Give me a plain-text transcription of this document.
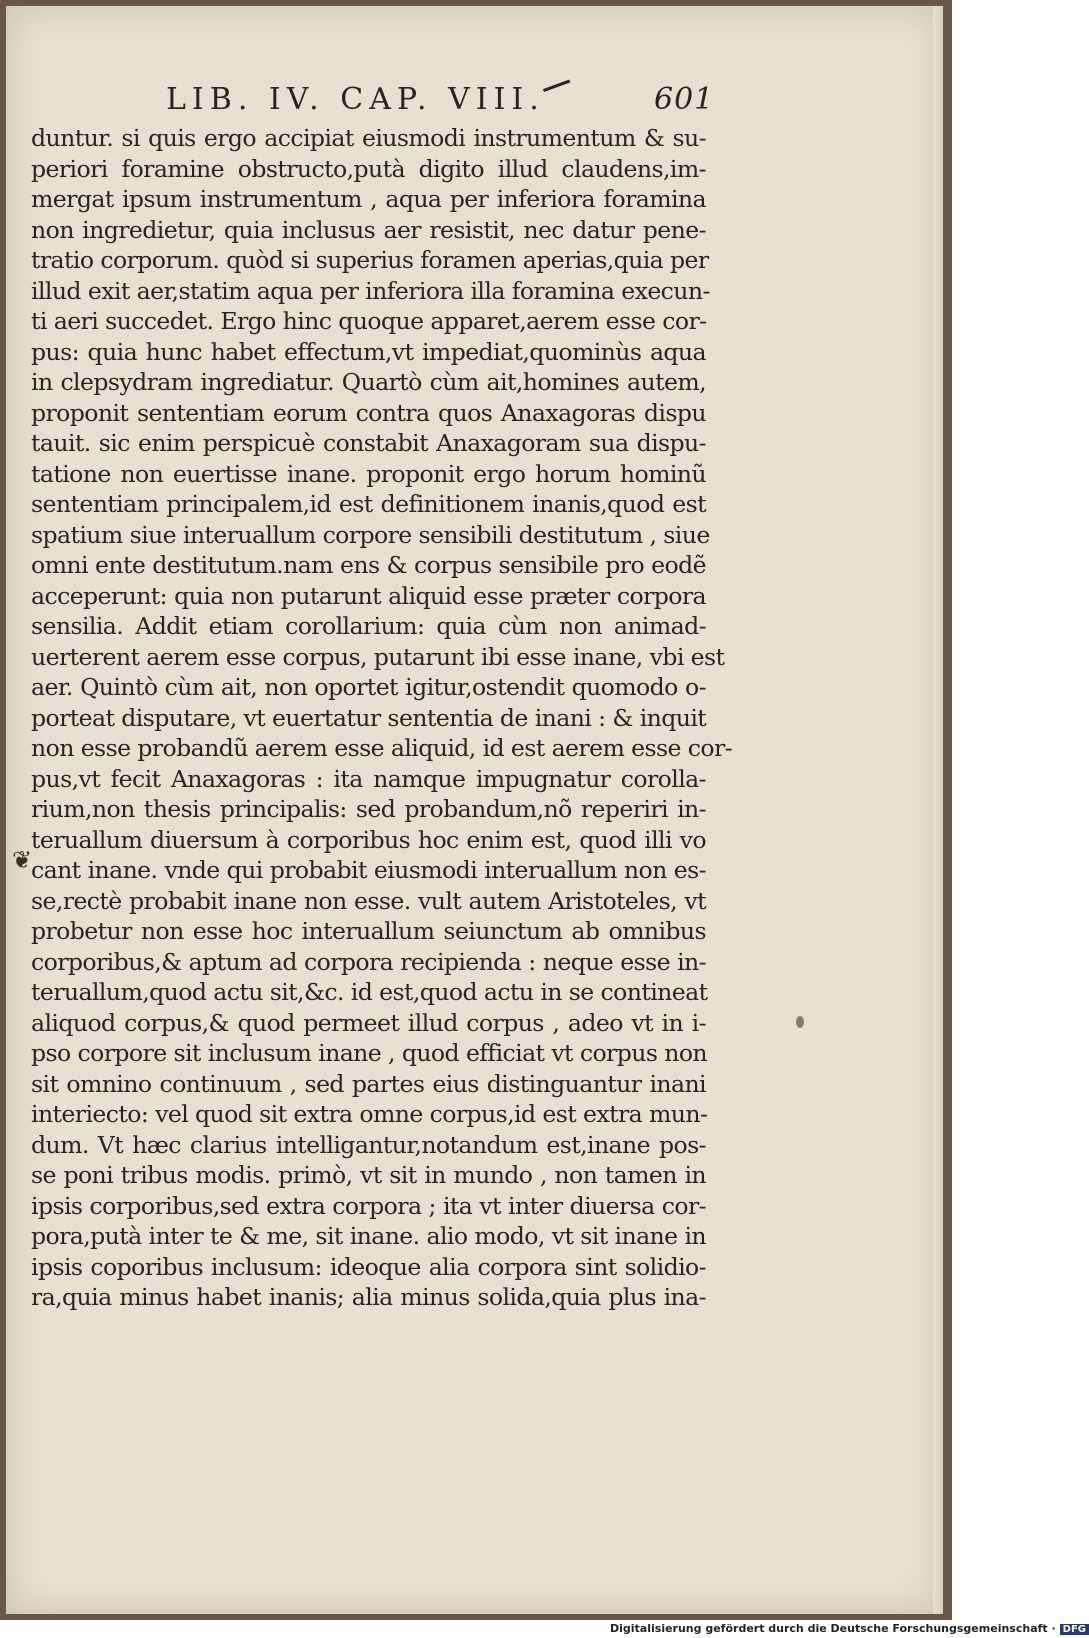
LIB. IV. CAP. VIII.	601
duntur. si quis ergo accipiat eiusmodi instrumentum & su-
periori foramine obstructo,putà digito illud claudens,im-
mergat ipsum instrumentum , aqua per inferiora foramina
non ingredietur, quia inclusus aer resistit, nec datur pene-
tratio corporum. quòd si superius foramen aperias,quia per
illud exit aer,statim aqua per inferiora illa foramina execun-
ti aeri succedet. Ergo hinc quoque apparet,aerem esse cor-
pus: quia hunc habet effectum,vt impediat,quominùs aqua
in clepsydram ingrediatur. Quartò cùm ait,homines autem,
proponit sententiam eorum contra quos Anaxagoras dispu
tauit. sic enim perspicuè constabit Anaxagoram sua dispu-
tatione non euertisse inane. proponit ergo horum hominũ
sententiam principalem,id est definitionem inanis,quod est
spatium siue interuallum corpore sensibili destitutum , siue
omni ente destitutum.nam ens & corpus sensibile pro eodẽ
acceperunt: quia non putarunt aliquid esse præter corpora
sensilia. Addit etiam corollarium: quia cùm non animad-
uerterent aerem esse corpus, putarunt ibi esse inane, vbi est
aer. Quintò cùm ait, non oportet igitur,ostendit quomodo o-
porteat disputare, vt euertatur sententia de inani : & inquit
non esse probandũ aerem esse aliquid, id est aerem esse cor-
pus,vt fecit Anaxagoras : ita namque impugnatur corolla-
rium,non thesis principalis: sed probandum,nõ reperiri in-
teruallum diuersum à corporibus hoc enim est, quod illi vo
cant inane. vnde qui probabit eiusmodi interuallum non es-
se,rectè probabit inane non esse. vult autem Aristoteles, vt
probetur non esse hoc interuallum seiunctum ab omnibus
corporibus,& aptum ad corpora recipienda : neque esse in-
teruallum,quod actu sit,&c. id est,quod actu in se contineat
aliquod corpus,& quod permeet illud corpus , adeo vt in i-
pso corpore sit inclusum inane , quod efficiat vt corpus non
sit omnino continuum , sed partes eius distinguantur inani
interiecto: vel quod sit extra omne corpus,id est extra mun-
dum. Vt hæc clarius intelligantur,notandum est,inane pos-
se poni tribus modis. primò, vt sit in mundo , non tamen in
ipsis corporibus,sed extra corpora ; ita vt inter diuersa cor-
pora,putà inter te & me, sit inane. alio modo, vt sit inane in
ipsis coporibus inclusum: ideoque alia corpora sint solidio-
ra,quia minus habet inanis; alia minus solida,quia plus ina-
❦
Digitalisierung gefördert durch die Deutsche Forschungsgemeinschaft · DFG
